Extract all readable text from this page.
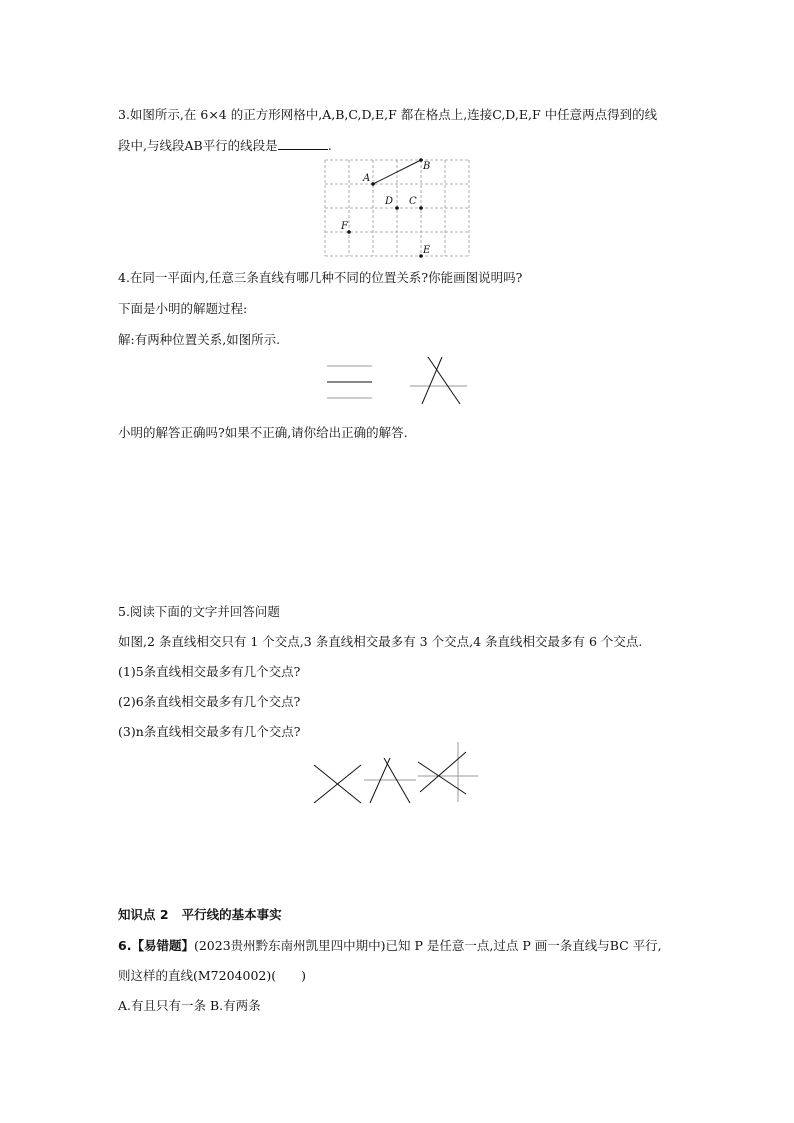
3.如图所示,在 6×4 的正方形网格中,A,B,C,D,E,F 都在格点上,连接C,D,E,F 中任意两点得到的线

段中,与线段AB平行的线段是	.

A
B
D C
F
E

4.在同一平面内,任意三条直线有哪几种不同的位置关系?你能画图说明吗?

下面是小明的解题过程:

解:有两种位置关系,如图所示.

小明的解答正确吗?如果不正确,请你给出正确的解答.

5.阅读下面的文字并回答问题

如图,2 条直线相交只有 1 个交点,3 条直线相交最多有 3 个交点,4 条直线相交最多有 6 个交点.

(1)5条直线相交最多有几个交点?

(2)6条直线相交最多有几个交点?

(3)n条直线相交最多有几个交点?

知识点 2 平行线的基本事实

6.【易错题】(2023贵州黔东南州凯里四中期中)已知 P 是任意一点,过点 P 画一条直线与BC 平行,

则这样的直线(M7204002)(　　)

A.有且只有一条 B.有两条
